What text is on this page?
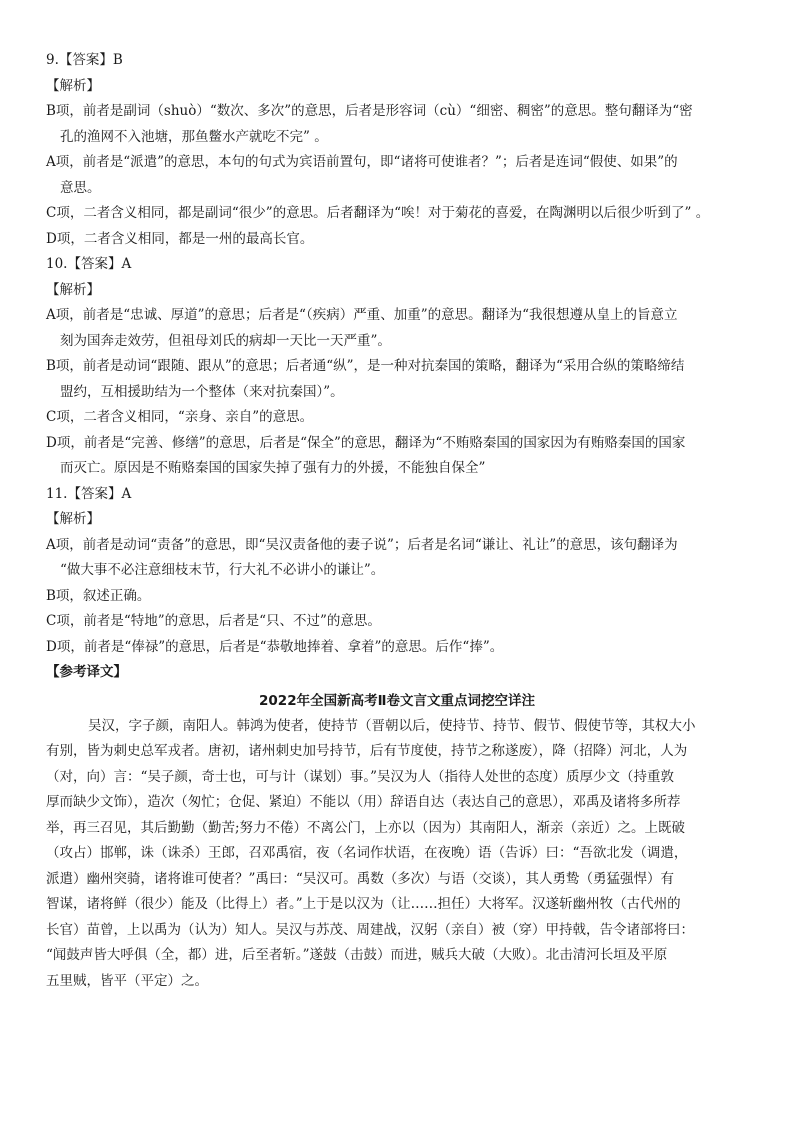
9.【答案】B

【解析】

B项，前者是副词（shuò）“数次、多次”的意思，后者是形容词（cù）“细密、稠密”的意思。整句翻译为“密

孔的渔网不入池塘，那鱼鳖水产就吃不完” 。

A项，前者是“派遣”的意思，本句的句式为宾语前置句，即“诸将可使谁者？”；后者是连词“假使、如果”的

意思。

C项，二者含义相同，都是副词“很少”的意思。后者翻译为“唉！对于菊花的喜爱，在陶渊明以后很少听到了” 。

D项，二者含义相同，都是一州的最高长官。

10.【答案】A

【解析】

A项，前者是“忠诚、厚道”的意思；后者是“（疾病）严重、加重”的意思。翻译为“我很想遵从皇上的旨意立

刻为国奔走效劳，但祖母刘氏的病却一天比一天严重”。

B项，前者是动词“跟随、跟从”的意思；后者通“纵”，是一种对抗秦国的策略，翻译为“采用合纵的策略缔结

盟约，互相援助结为一个整体（来对抗秦国）”。

C项，二者含义相同，“亲身、亲自”的意思。

D项，前者是“完善、修缮”的意思，后者是“保全”的意思，翻译为“不贿赂秦国的国家因为有贿赂秦国的国家

而灭亡。原因是不贿赂秦国的国家失掉了强有力的外援，不能独自保全”

11.【答案】A

【解析】

A项，前者是动词“责备”的意思，即“吴汉责备他的妻子说”；后者是名词“谦让、礼让”的意思，该句翻译为

“做大事不必注意细枝末节，行大礼不必讲小的谦让”。

B项，叙述正确。

C项，前者是“特地”的意思，后者是“只、不过”的意思。

D项，前者是“俸禄”的意思，后者是“恭敬地捧着、拿着”的意思。后作“捧”。

【参考译文】

2022年全国新高考Ⅱ卷文言文重点词挖空详注

吴汉，字子颜，南阳人。韩鸿为使者，使持节（晋朝以后，使持节、持节、假节、假使节等，其权大小

有别，皆为刺史总军戎者。唐初，诸州刺史加号持节，后有节度使，持节之称遂废），降（招降）河北，人为

（对，向）言：“吴子颜，奇士也，可与计（谋划）事。”吴汉为人（指待人处世的态度）质厚少文（持重敦

厚而缺少文饰），造次（匆忙；仓促、紧迫）不能以（用）辞语自达（表达自己的意思），邓禹及诸将多所荐

举，再三召见，其后勤勤（勤苦;努力不倦）不离公门，上亦以（因为）其南阳人，渐亲（亲近）之。上既破

（攻占）邯郸，诛（诛杀）王郎，召邓禹宿，夜（名词作状语，在夜晚）语（告诉）曰：“吾欲北发（调遣，

派遣）幽州突骑，诸将谁可使者？”禹曰：“吴汉可。禹数（多次）与语（交谈），其人勇鸷（勇猛强悍）有

智谋，诸将鲜（很少）能及（比得上）者。”上于是以汉为（让……担任）大将军。汉遂斩幽州牧（古代州的

长官）苗曾，上以禹为（认为）知人。吴汉与苏茂、周建战，汉躬（亲自）被（穿）甲持戟，告令诸部将曰：

“闻鼓声皆大呼俱（全，都）进，后至者斩。”遂鼓（击鼓）而进，贼兵大破（大败）。北击清河长垣及平原

五里贼，皆平（平定）之。
